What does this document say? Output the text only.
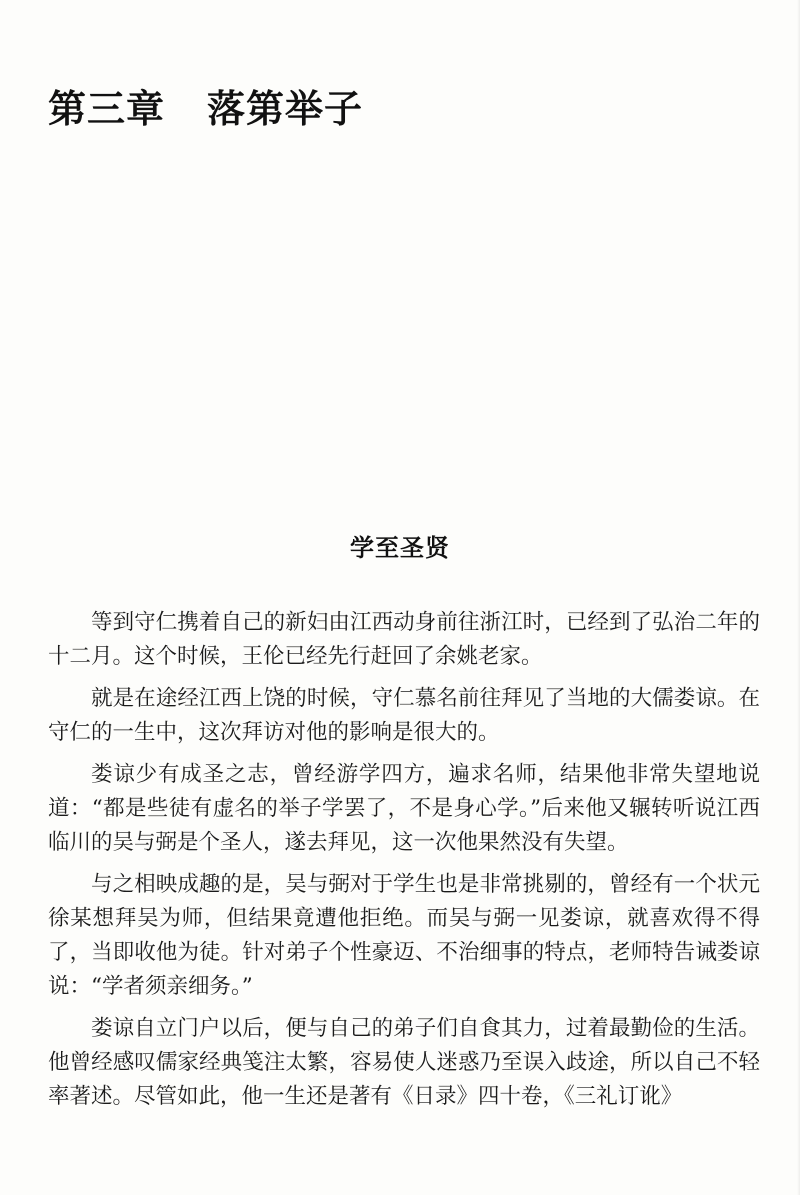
第三章 落第举子
学至圣贤

等到守仁携着自己的新妇由江西动身前往浙江时，已经到了弘治二年的十二月。这个时候，王伦已经先行赶回了余姚老家。

就是在途经江西上饶的时候，守仁慕名前往拜见了当地的大儒娄谅。在守仁的一生中，这次拜访对他的影响是很大的。

娄谅少有成圣之志，曾经游学四方，遍求名师，结果他非常失望地说道：“都是些徒有虚名的举子学罢了，不是身心学。”后来他又辗转听说江西临川的吴与弼是个圣人，遂去拜见，这一次他果然没有失望。

与之相映成趣的是，吴与弼对于学生也是非常挑剔的，曾经有一个状元徐某想拜吴为师，但结果竟遭他拒绝。而吴与弼一见娄谅，就喜欢得不得了，当即收他为徒。针对弟子个性豪迈、不治细事的特点，老师特告诫娄谅说：“学者须亲细务。”

娄谅自立门户以后，便与自己的弟子们自食其力，过着最勤俭的生活。他曾经感叹儒家经典笺注太繁，容易使人迷惑乃至误入歧途，所以自己不轻率著述。尽管如此，他一生还是著有《日录》四十卷，《三礼订讹》
